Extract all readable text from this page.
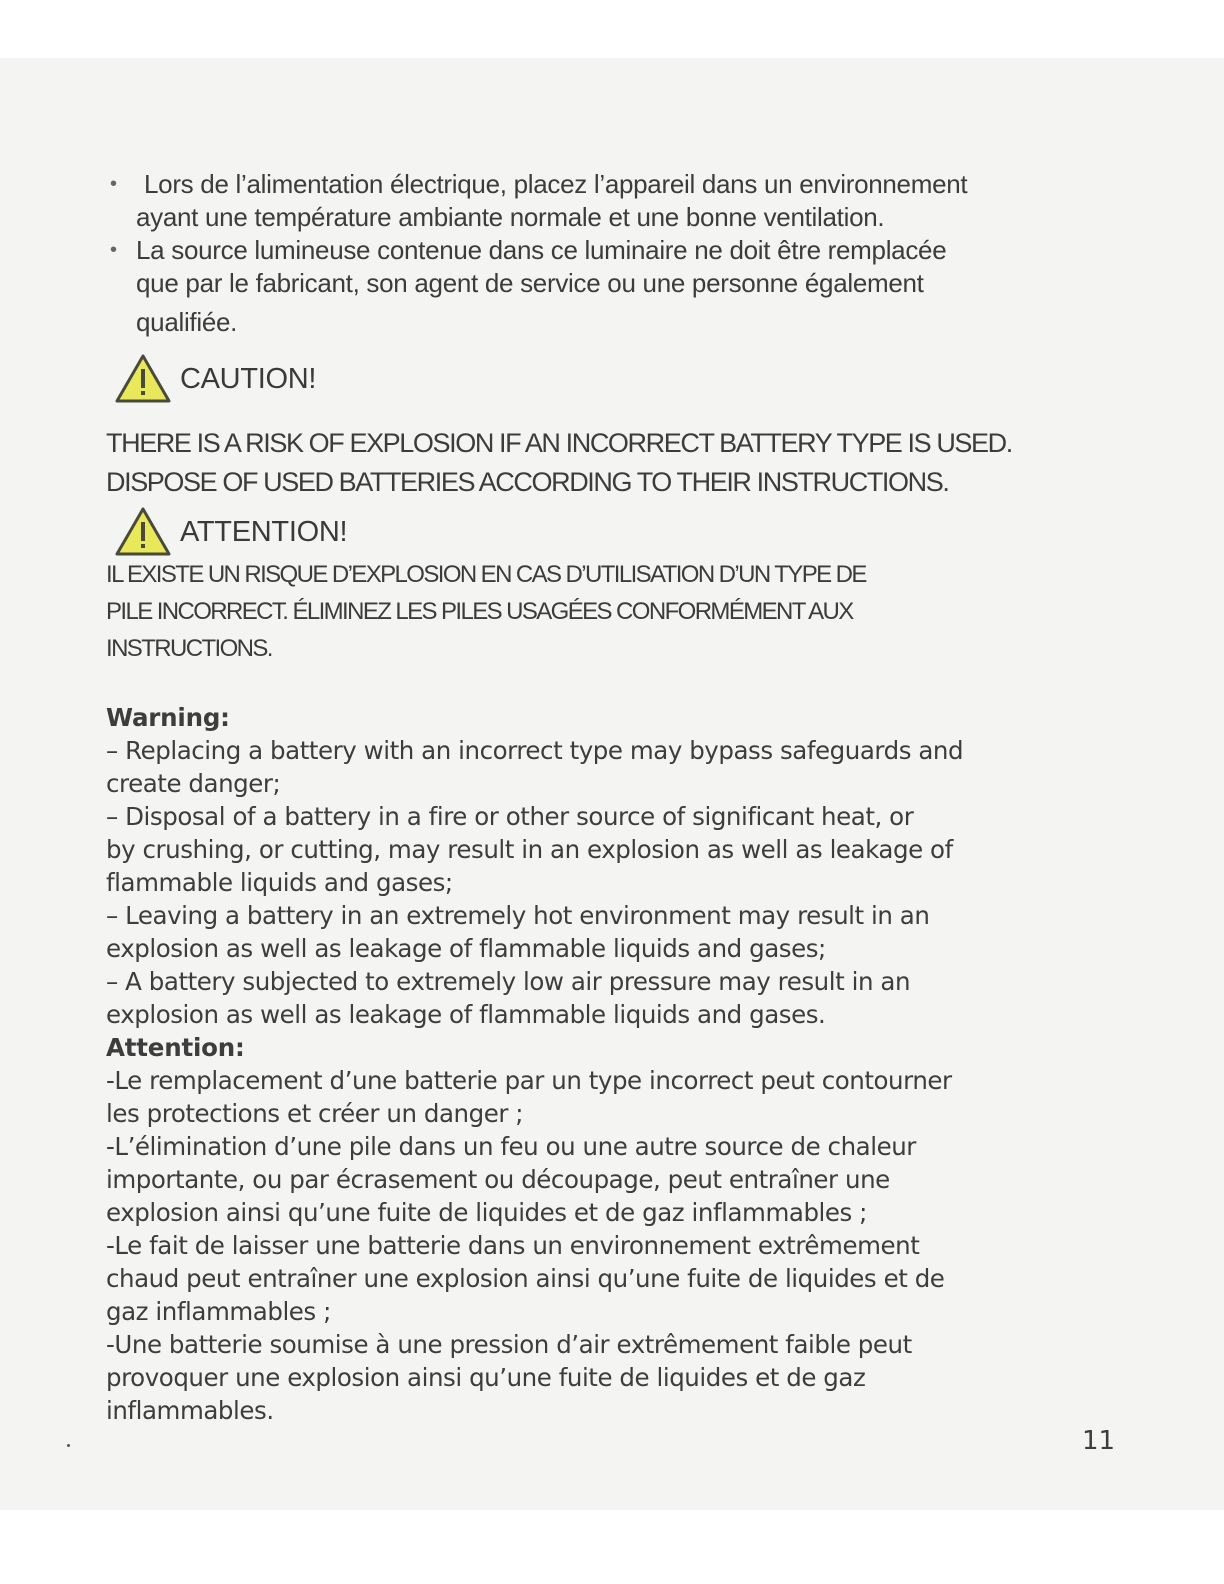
• Lors de l’alimentation électrique, placez l’appareil dans un environnement
ayant une température ambiante normale et une bonne ventilation.
• La source lumineuse contenue dans ce luminaire ne doit être remplacée
que par le fabricant, son agent de service ou une personne également

qualifiée.
CAUTION!

THERE IS A RISK OF EXPLOSION IF AN INCORRECT BATTERY TYPE IS USED.
DISPOSE OF USED BATTERIES ACCORDING TO THEIR INSTRUCTIONS.

ATTENTION!

IL EXISTE UN RISQUE D’EXPLOSION EN CAS D’UTILISATION D’UN TYPE DE
PILE INCORRECT. ÉLIMINEZ LES PILES USAGÉES CONFORMÉMENT AUX
INSTRUCTIONS.

Warning:
– Replacing a battery with an incorrect type may bypass safeguards and
create danger;
– Disposal of a battery in a fire or other source of significant heat, or
by crushing, or cutting, may result in an explosion as well as leakage of
flammable liquids and gases;
– Leaving a battery in an extremely hot environment may result in an
explosion as well as leakage of flammable liquids and gases;
– A battery subjected to extremely low air pressure may result in an
explosion as well as leakage of flammable liquids and gases.
Attention:
-Le remplacement d’une batterie par un type incorrect peut contourner
les protections et créer un danger ;
-L’élimination d’une pile dans un feu ou une autre source de chaleur
importante, ou par écrasement ou découpage, peut entraîner une
explosion ainsi qu’une fuite de liquides et de gaz inflammables ;
-Le fait de laisser une batterie dans un environnement extrêmement
chaud peut entraîner une explosion ainsi qu’une fuite de liquides et de
gaz inflammables ;
-Une batterie soumise à une pression d’air extrêmement faible peut
provoquer une explosion ainsi qu’une fuite de liquides et de gaz
inflammables.
11
